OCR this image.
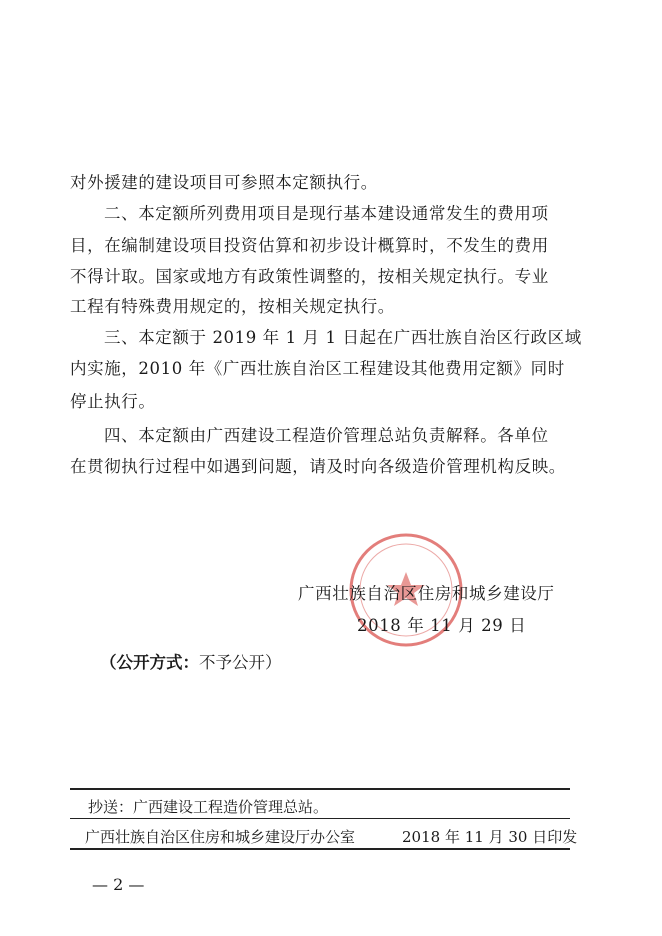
对外援建的建设项目可参照本定额执行。
二、本定额所列费用项目是现行基本建设通常发生的费用项
目，在编制建设项目投资估算和初步设计概算时，不发生的费用
不得计取。国家或地方有政策性调整的，按相关规定执行。专业
工程有特殊费用规定的，按相关规定执行。
三、本定额于 2019 年 1 月 1 日起在广西壮族自治区行政区域
内实施，2010 年《广西壮族自治区工程建设其他费用定额》同时
停止执行。
四、本定额由广西建设工程造价管理总站负责解释。各单位
在贯彻执行过程中如遇到问题，请及时向各级造价管理机构反映。
广西壮族自治区住房和城乡建设厅
2018 年 11 月 29 日
（公开方式：不予公开）
抄送：广西建设工程造价管理总站。
广西壮族自治区住房和城乡建设厅办公室	2018 年 11 月 30 日印发
— 2 —
